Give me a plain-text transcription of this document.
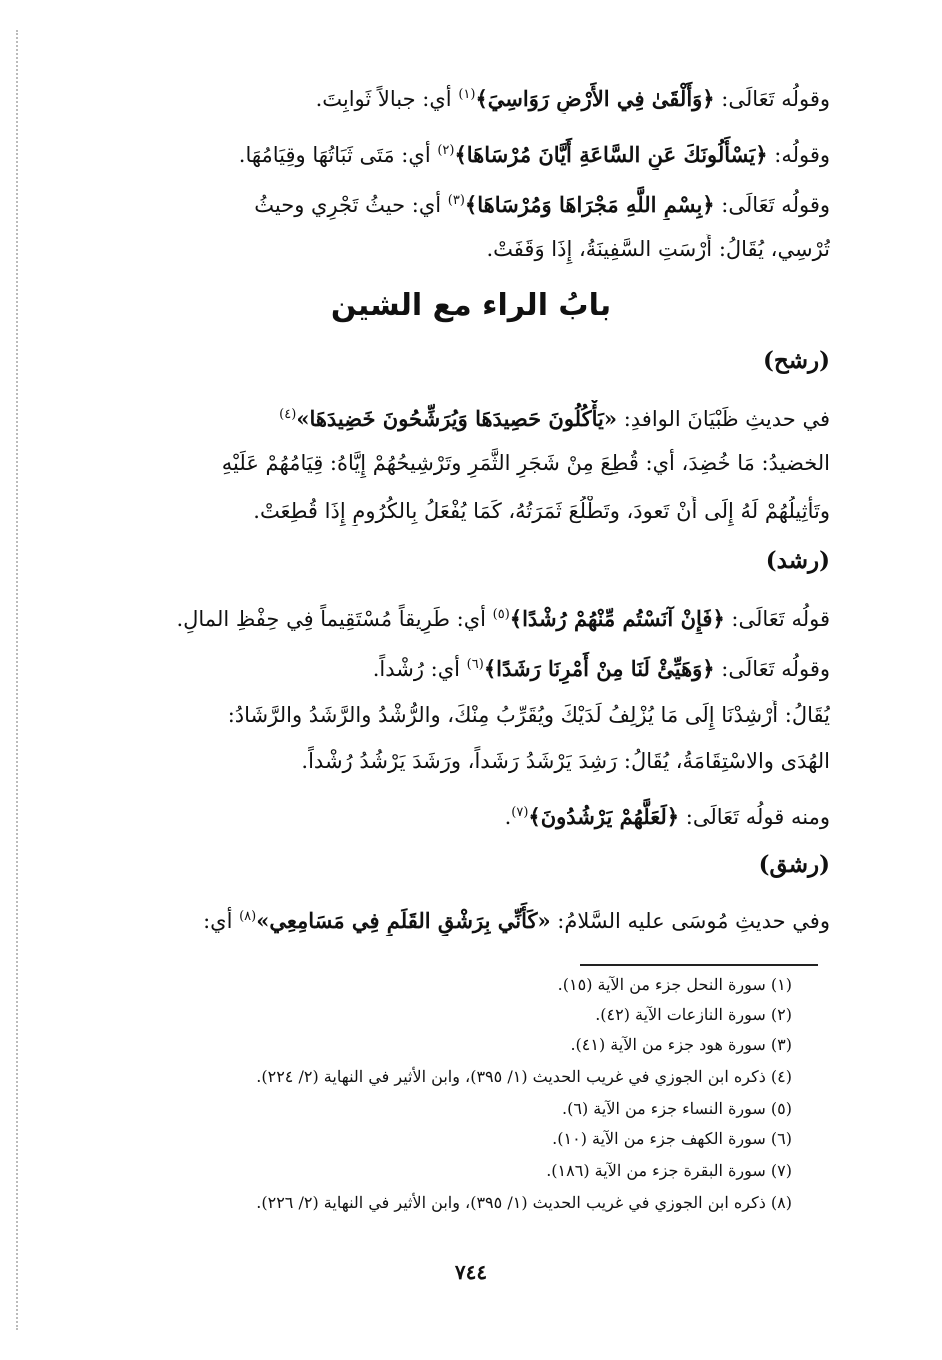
وقولُه تَعَالَى: ﴿وَأَلْقَىٰ فِي الأَرْضِ رَوَاسِيَ﴾$^{(١)}$ أي: جبالاً ثَوابِتَ.
وقولُه: ﴿يَسْأَلُونَكَ عَنِ السَّاعَةِ أَيَّانَ مُرْسَاهَا﴾$^{(٢)}$ أي: مَتَى ثَبَاتُهَا وقِيَامُهَا.
وقولُه تَعَالَى: ﴿بِسْمِ اللَّهِ مَجْرَاهَا وَمُرْسَاهَا﴾$^{(٣)}$ أي: حيثُ تَجْرِي وحيثُ
تُرْسِي، يُقَالُ: أَرْسَتِ السَّفِينَةُ، إِذَا وَقَفَتْ.
(رشح)
في حديثِ ظَبْيَانَ الوافدِ: «يَأْكُلُونَ حَصِيدَهَا وَيُرَشِّحُونَ خَضِيدَهَا»$^{(٤)}$
الخضيدُ: مَا خُضِدَ، أي: قُطِعَ مِنْ شَجَرِ الثَّمَرِ وتَرْشِيحُهُمْ إِيَّاهُ: قِيَامُهُمْ عَلَيْهِ
وتَأْثِيلُهُمْ لَهُ إِلَى أَنْ تَعودَ، وتَطْلُعَ ثَمَرَتُهُ، كَمَا يُفْعَلُ بِالكُرُومِ إِذَا قُطِعَتْ.
(رشد)
قولُه تَعَالَى: ﴿فَإِنْ آنَسْتُم مِّنْهُمْ رُشْدًا﴾$^{(٥)}$ أي: طَرِيقاً مُسْتَقِيماً فِي حِفْظِ المالِ.
وقولُه تَعَالَى: ﴿وَهَيِّئْ لَنَا مِنْ أَمْرِنَا رَشَدًا﴾$^{(٦)}$ أي: رُشْداً.
يُقَالُ: أَرْشِدْنَا إِلَى مَا يُزْلِفُ لَدَيْكَ ويُقَرِّبُ مِنْكَ، والرُّشْدُ والرَّشَدُ والرَّشَادُ:
الهُدَى والاسْتِقَامَةُ، يُقَالُ: رَشِدَ يَرْشَدُ رَشَداً، ورَشَدَ يَرْشُدُ رُشْداً.
ومنه قولُه تَعَالَى: ﴿لَعَلَّهُمْ يَرْشُدُونَ﴾$^{(٧)}$.
(رشق)
وفي حديثِ مُوسَى عليه السَّلامُ: «كَأَنِّي بِرَشْقِ القَلَمِ فِي مَسَامِعِي»$^{(٨)}$ أي:
بابُ الراء مع الشين
(١) سورة النحل جزء من الآية (١٥).
(٢) سورة النازعات الآية (٤٢).
(٣) سورة هود جزء من الآية (٤١).
(٤) ذكره ابن الجوزي في غريب الحديث (١/ ٣٩٥)، وابن الأثير في النهاية (٢/ ٢٢٤).
(٥) سورة النساء جزء من الآية (٦).
(٦) سورة الكهف جزء من الآية (١٠).
(٧) سورة البقرة جزء من الآية (١٨٦).
(٨) ذكره ابن الجوزي في غريب الحديث (١/ ٣٩٥)، وابن الأثير في النهاية (٢/ ٢٢٦).
٧٤٤
